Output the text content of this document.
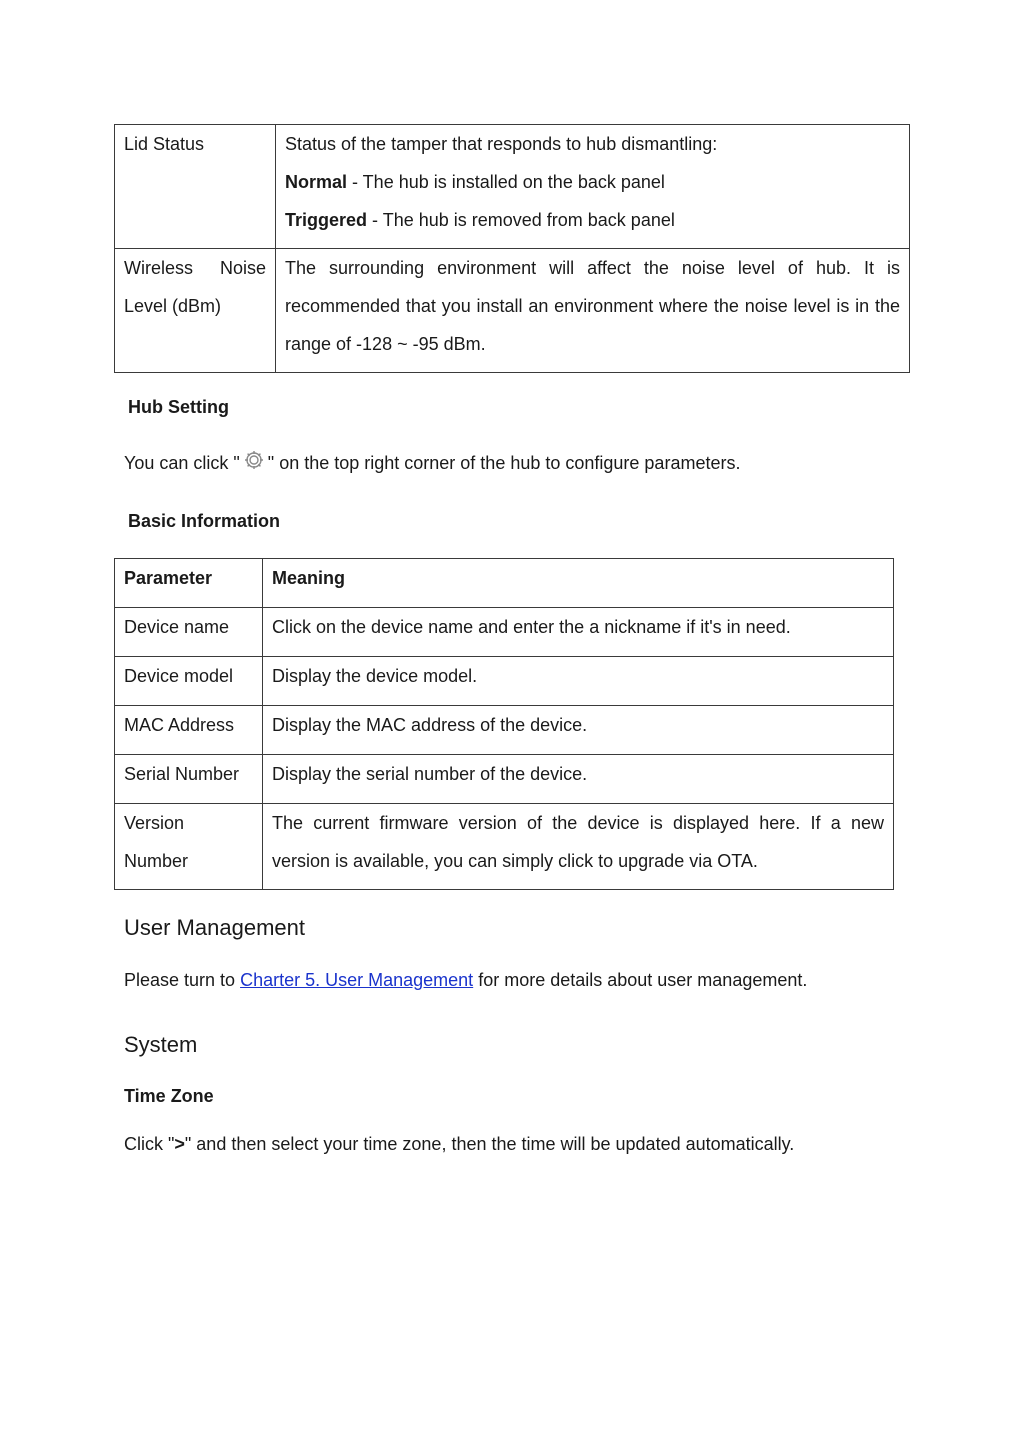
Lid Status	Status of the tamper that responds to hub dismantling:
Normal - The hub is installed on the back panel
Triggered - The hub is removed from back panel

Wireless Noise
Level (dBm)	The surrounding environment will affect the noise level of hub. It is recommended that you install an environment where the noise level is in the range of -128 ~ -95 dBm.
Hub Setting
You can click " " on the top right corner of the hub to configure parameters.
Basic Information
Parameter	Meaning
Device name	Click on the device name and enter the a nickname if it's in need.
Device model	Display the device model.
MAC Address	Display the MAC address of the device.
Serial Number	Display the serial number of the device.

Version Number	The current firmware version of the device is displayed here. If a new version is available, you can simply click to upgrade via OTA.
User Management
Please turn to Charter 5. User Management for more details about user management.
System
Time Zone
Click ">" and then select your time zone, then the time will be updated automatically.
